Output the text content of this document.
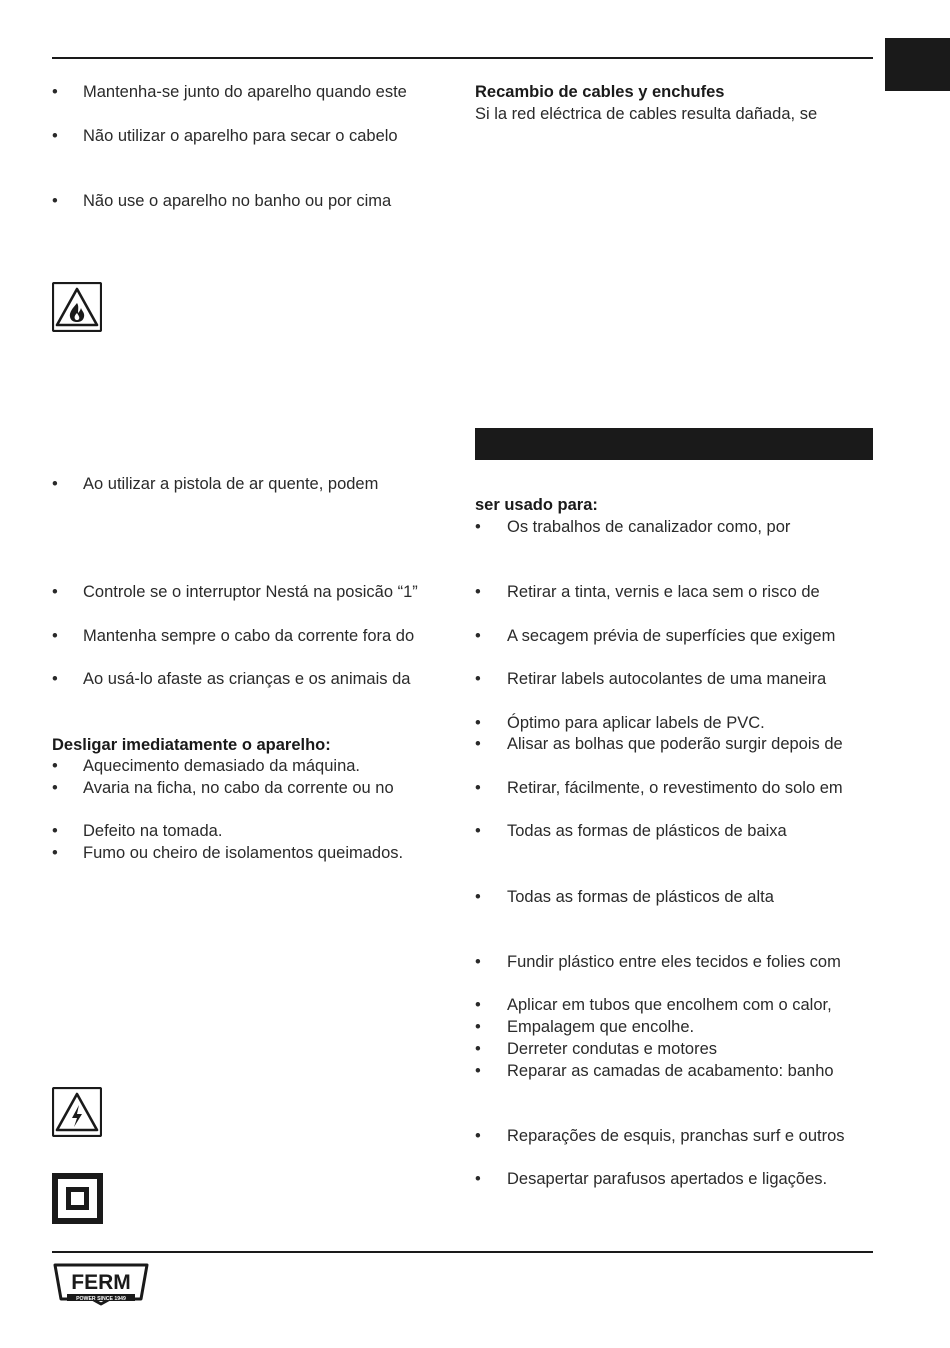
• Mantenha-se junto do aparelho quando este
• Não utilizar o aparelho para secar o cabelo
• Não use o aparelho no banho ou por cima
• Ao utilizar a pistola de ar quente, podem
• Controle se o interruptor Nestá na posicão “1”
• Mantenha sempre o cabo da corrente fora do
• Ao usá-lo afaste as crianças e os animais da
Desligar imediatamente o aparelho:
• Aquecimento demasiado da máquina.
• Avaria na ficha, no cabo da corrente ou no
• Defeito na tomada.
• Fumo ou cheiro de isolamentos queimados.
Recambio de cables y enchufes
Si la red eléctrica de cables resulta dañada, se
ser usado para:
• Os trabalhos de canalizador como, por
• Retirar a tinta, vernis e laca sem o risco de
• A secagem prévia de superfícies que exigem
• Retirar labels autocolantes de uma maneira
• Óptimo para aplicar labels de PVC.
• Alisar as bolhas que poderão surgir depois de
• Retirar, fácilmente, o revestimento do solo em
• Todas as formas de plásticos de baixa
• Todas as formas de plásticos de alta
• Fundir plástico entre eles tecidos e folies com
• Aplicar em tubos que encolhem com o calor,
• Empalagem que encolhe.
• Derreter condutas e motores
• Reparar as camadas de acabamento: banho
• Reparações de esquis, pranchas surf e outros
• Desapertar parafusos apertados e ligações.
FERM
POWER SINCE 1949
